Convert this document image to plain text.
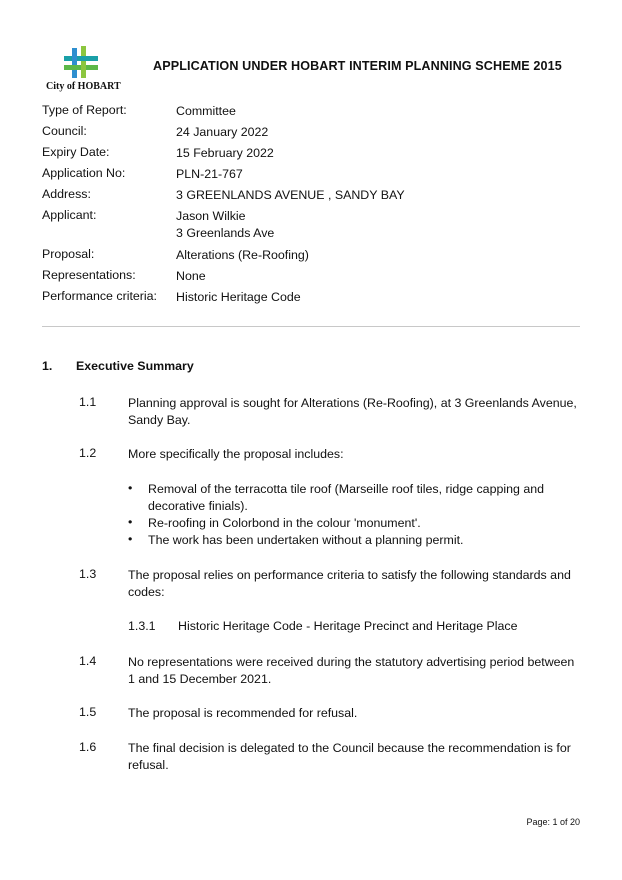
City of HOBART
APPLICATION UNDER HOBART INTERIM PLANNING SCHEME 2015
Type of Report:	Committee
Council:	24 January 2022
Expiry Date:	15 February 2022
Application No:	PLN-21-767
Address:	3 GREENLANDS AVENUE , SANDY BAY
Applicant:	Jason Wilkie
3 Greenlands Ave
Proposal:	Alterations (Re-Roofing)
Representations:	None
Performance criteria: Historic Heritage Code
1. Executive Summary
1.1	Planning approval is sought for Alterations (Re-Roofing), at 3 Greenlands Avenue, Sandy Bay.
1.2	More specifically the proposal includes:
• Removal of the terracotta tile roof (Marseille roof tiles, ridge capping and decorative finials).
• Re-roofing in Colorbond in the colour 'monument'.
• The work has been undertaken without a planning permit.
1.3	The proposal relies on performance criteria to satisfy the following standards and codes:
1.3.1 Historic Heritage Code - Heritage Precinct and Heritage Place
1.4	No representations were received during the statutory advertising period between 1 and 15 December 2021.
1.5	The proposal is recommended for refusal.
1.6	The final decision is delegated to the Council because the recommendation is for refusal.
Page: 1 of 20
